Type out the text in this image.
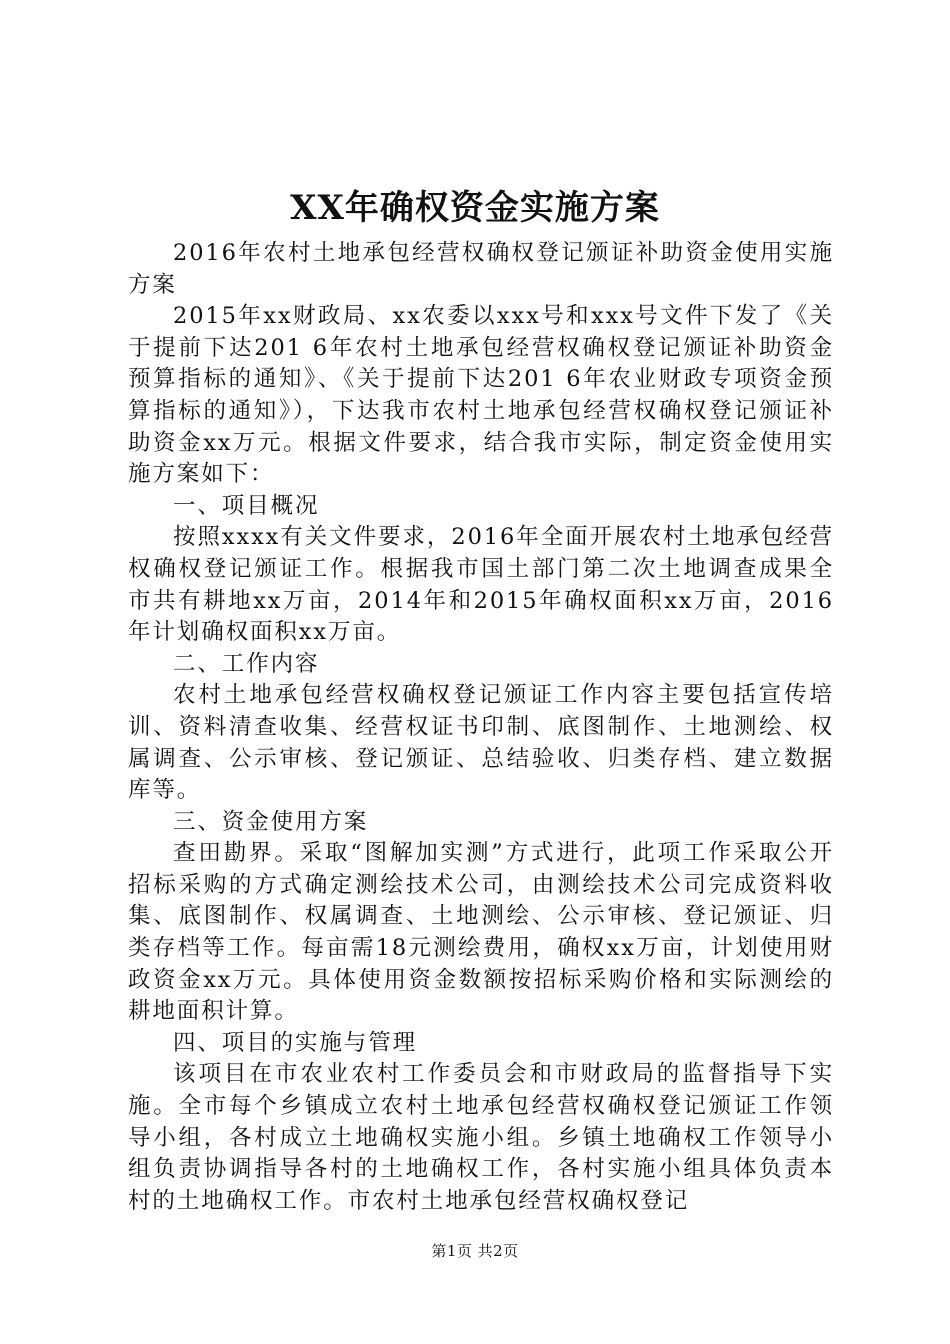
XX年确权资金实施方案

2016年农村土地承包经营权确权登记颁证补助资金使用实施方案

2015年xx财政局、xx农委以xxx号和xxx号文件下发了《关于提前下达201 6年农村土地承包经营权确权登记颁证补助资金预算指标的通知》、《关于提前下达201 6年农业财政专项资金预算指标的通知》），下达我市农村土地承包经营权确权登记颁证补助资金xx万元。根据文件要求，结合我市实际，制定资金使用实施方案如下：

一、项目概况

按照xxxx有关文件要求，2016年全面开展农村土地承包经营权确权登记颁证工作。根据我市国土部门第二次土地调查成果全市共有耕地xx万亩，2014年和2015年确权面积xx万亩，2016年计划确权面积xx万亩。

二、工作内容

农村土地承包经营权确权登记颁证工作内容主要包括宣传培训、资料清查收集、经营权证书印制、底图制作、土地测绘、权属调查、公示审核、登记颁证、总结验收、归类存档、建立数据库等。

三、资金使用方案

查田勘界。采取“图解加实测”方式进行，此项工作采取公开招标采购的方式确定测绘技术公司，由测绘技术公司完成资料收集、底图制作、权属调查、土地测绘、公示审核、登记颁证、归类存档等工作。每亩需18元测绘费用，确权xx万亩，计划使用财政资金xx万元。具体使用资金数额按招标采购价格和实际测绘的耕地面积计算。

四、项目的实施与管理

该项目在市农业农村工作委员会和市财政局的监督指导下实施。全市每个乡镇成立农村土地承包经营权确权登记颁证工作领导小组，各村成立土地确权实施小组。乡镇土地确权工作领导小组负责协调指导各村的土地确权工作，各村实施小组具体负责本村的土地确权工作。市农村土地承包经营权确权登记

第1页 共2页
